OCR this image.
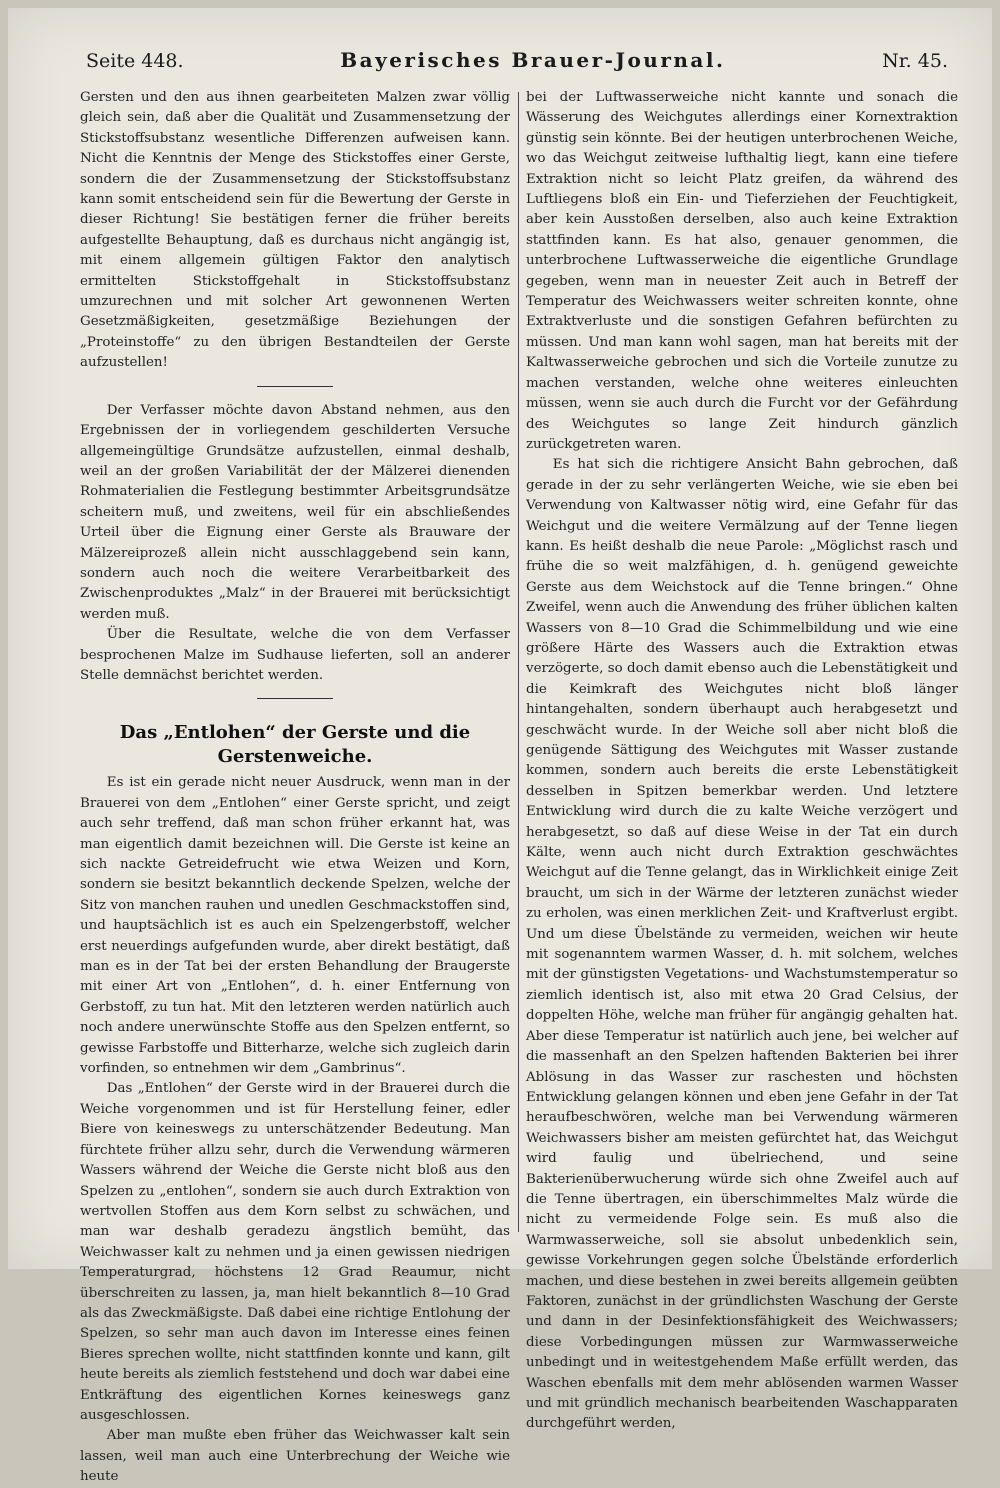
Seite 448.	Bayerisches Brauer-Journal.	Nr. 45.

Gersten und den aus ihnen gearbeiteten Malzen zwar völlig gleich sein, daß aber die Qualität und Zusammensetzung der Stickstoffsubstanz wesentliche Differenzen aufweisen kann. Nicht die Kenntnis der Menge des Stickstoffes einer Gerste, sondern die der Zusammensetzung der Stickstoffsubstanz kann somit entscheidend sein für die Bewertung der Gerste in dieser Richtung! Sie bestätigen ferner die früher bereits aufgestellte Behauptung, daß es durchaus nicht angängig ist, mit einem allgemein gültigen Faktor den analytisch ermittelten Stickstoffgehalt in Stickstoffsubstanz umzurechnen und mit solcher Art gewonnenen Werten Gesetzmäßigkeiten, gesetzmäßige Beziehungen der „Proteinstoffe“ zu den übrigen Bestandteilen der Gerste aufzustellen!

Der Verfasser möchte davon Abstand nehmen, aus den Ergebnissen der in vorliegendem geschilderten Versuche allgemeingültige Grundsätze aufzustellen, einmal deshalb, weil an der großen Variabilität der der Mälzerei dienenden Rohmaterialien die Festlegung bestimmter Arbeitsgrundsätze scheitern muß, und zweitens, weil für ein abschließendes Urteil über die Eignung einer Gerste als Brauware der Mälzereiprozeß allein nicht ausschlaggebend sein kann, sondern auch noch die weitere Verarbeitbarkeit des Zwischenproduktes „Malz“ in der Brauerei mit berücksichtigt werden muß.

Über die Resultate, welche die von dem Verfasser besprochenen Malze im Sudhause lieferten, soll an anderer Stelle demnächst berichtet werden.

Das „Entlohen“ der Gerste und die Gerstenweiche.

Es ist ein gerade nicht neuer Ausdruck, wenn man in der Brauerei von dem „Entlohen“ einer Gerste spricht, und zeigt auch sehr treffend, daß man schon früher erkannt hat, was man eigentlich damit bezeichnen will. Die Gerste ist keine an sich nackte Getreidefrucht wie etwa Weizen und Korn, sondern sie besitzt bekanntlich deckende Spelzen, welche der Sitz von manchen rauhen und unedlen Geschmackstoffen sind, und hauptsächlich ist es auch ein Spelzengerbstoff, welcher erst neuerdings aufgefunden wurde, aber direkt bestätigt, daß man es in der Tat bei der ersten Behandlung der Braugerste mit einer Art von „Entlohen“, d. h. einer Entfernung von Gerbstoff, zu tun hat. Mit den letzteren werden natürlich auch noch andere unerwünschte Stoffe aus den Spelzen entfernt, so gewisse Farbstoffe und Bitterharze, welche sich zugleich darin vorfinden, so entnehmen wir dem „Gambrinus“.

Das „Entlohen“ der Gerste wird in der Brauerei durch die Weiche vorgenommen und ist für Herstellung feiner, edler Biere von keineswegs zu unterschätzender Bedeutung. Man fürchtete früher allzu sehr, durch die Verwendung wärmeren Wassers während der Weiche die Gerste nicht bloß aus den Spelzen zu „entlohen“, sondern sie auch durch Extraktion von wertvollen Stoffen aus dem Korn selbst zu schwächen, und man war deshalb geradezu ängstlich bemüht, das Weichwasser kalt zu nehmen und ja einen gewissen niedrigen Temperaturgrad, höchstens 12 Grad Reaumur, nicht überschreiten zu lassen, ja, man hielt bekanntlich 8—10 Grad als das Zweckmäßigste. Daß dabei eine richtige Entlohung der Spelzen, so sehr man auch davon im Interesse eines feinen Bieres sprechen wollte, nicht stattfinden konnte und kann, gilt heute bereits als ziemlich feststehend und doch war dabei eine Entkräftung des eigentlichen Kornes keineswegs ganz ausgeschlossen.

Aber man mußte eben früher das Weichwasser kalt sein lassen, weil man auch eine Unterbrechung der Weiche wie heute

bei der Luftwasserweiche nicht kannte und sonach die Wässerung des Weichgutes allerdings einer Kornextraktion günstig sein könnte. Bei der heutigen unterbrochenen Weiche, wo das Weichgut zeitweise lufthaltig liegt, kann eine tiefere Extraktion nicht so leicht Platz greifen, da während des Luftliegens bloß ein Ein- und Tieferziehen der Feuchtigkeit, aber kein Ausstoßen derselben, also auch keine Extraktion stattfinden kann. Es hat also, genauer genommen, die unterbrochene Luftwasserweiche die eigentliche Grundlage gegeben, wenn man in neuester Zeit auch in Betreff der Temperatur des Weichwassers weiter schreiten konnte, ohne Extraktverluste und die sonstigen Gefahren befürchten zu müssen. Und man kann wohl sagen, man hat bereits mit der Kaltwasserweiche gebrochen und sich die Vorteile zunutze zu machen verstanden, welche ohne weiteres einleuchten müssen, wenn sie auch durch die Furcht vor der Gefährdung des Weichgutes so lange Zeit hindurch gänzlich zurückgetreten waren.

Es hat sich die richtigere Ansicht Bahn gebrochen, daß gerade in der zu sehr verlängerten Weiche, wie sie eben bei Verwendung von Kaltwasser nötig wird, eine Gefahr für das Weichgut und die weitere Vermälzung auf der Tenne liegen kann. Es heißt deshalb die neue Parole: „Möglichst rasch und frühe die so weit malzfähigen, d. h. genügend geweichte Gerste aus dem Weichstock auf die Tenne bringen.“ Ohne Zweifel, wenn auch die Anwendung des früher üblichen kalten Wassers von 8—10 Grad die Schimmelbildung und wie eine größere Härte des Wassers auch die Extraktion etwas verzögerte, so doch damit ebenso auch die Lebenstätigkeit und die Keimkraft des Weichgutes nicht bloß länger hintangehalten, sondern überhaupt auch herabgesetzt und geschwächt wurde. In der Weiche soll aber nicht bloß die genügende Sättigung des Weichgutes mit Wasser zustande kommen, sondern auch bereits die erste Lebenstätigkeit desselben in Spitzen bemerkbar werden. Und letztere Entwicklung wird durch die zu kalte Weiche verzögert und herabgesetzt, so daß auf diese Weise in der Tat ein durch Kälte, wenn auch nicht durch Extraktion geschwächtes Weichgut auf die Tenne gelangt, das in Wirklichkeit einige Zeit braucht, um sich in der Wärme der letzteren zunächst wieder zu erholen, was einen merklichen Zeit- und Kraftverlust ergibt. Und um diese Übelstände zu vermeiden, weichen wir heute mit sogenanntem warmen Wasser, d. h. mit solchem, welches mit der günstigsten Vegetations- und Wachstumstemperatur so ziemlich identisch ist, also mit etwa 20 Grad Celsius, der doppelten Höhe, welche man früher für angängig gehalten hat. Aber diese Temperatur ist natürlich auch jene, bei welcher auf die massenhaft an den Spelzen haftenden Bakterien bei ihrer Ablösung in das Wasser zur raschesten und höchsten Entwicklung gelangen können und eben jene Gefahr in der Tat heraufbeschwören, welche man bei Verwendung wärmeren Weichwassers bisher am meisten gefürchtet hat, das Weichgut wird faulig und übelriechend, und seine Bakterienüberwucherung würde sich ohne Zweifel auch auf die Tenne übertragen, ein überschimmeltes Malz würde die nicht zu vermeidende Folge sein. Es muß also die Warmwasserweiche, soll sie absolut unbedenklich sein, gewisse Vorkehrungen gegen solche Übelstände erforderlich machen, und diese bestehen in zwei bereits allgemein geübten Faktoren, zunächst in der gründlichsten Waschung der Gerste und dann in der Desinfektionsfähigkeit des Weichwassers; diese Vorbedingungen müssen zur Warmwasserweiche unbedingt und in weitestgehendem Maße erfüllt werden, das Waschen ebenfalls mit dem mehr ablösenden warmen Wasser und mit gründlich mechanisch bearbeitenden Waschapparaten durchgeführt werden,
